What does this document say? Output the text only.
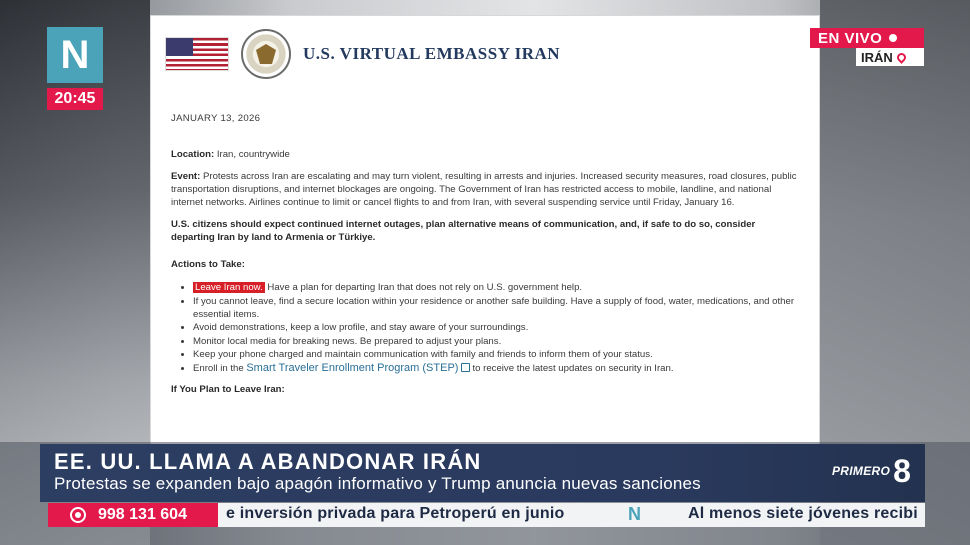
U.S. VIRTUAL EMBASSY IRAN
JANUARY 13, 2026
Location: Iran, countrywide
Event: Protests across Iran are escalating and may turn violent, resulting in arrests and injuries. Increased security measures, road closures, public transportation disruptions, and internet blockages are ongoing. The Government of Iran has restricted access to mobile, landline, and national internet networks. Airlines continue to limit or cancel flights to and from Iran, with several suspending service until Friday, January 16.
U.S. citizens should expect continued internet outages, plan alternative means of communication, and, if safe to do so, consider departing Iran by land to Armenia or Türkiye.
Actions to Take:
• Leave Iran now. Have a plan for departing Iran that does not rely on U.S. government help.
• If you cannot leave, find a secure location within your residence or another safe building. Have a supply of food, water, medications, and other essential items.
• Avoid demonstrations, keep a low profile, and stay aware of your surroundings.
• Monitor local media for breaking news. Be prepared to adjust your plans.
• Keep your phone charged and maintain communication with family and friends to inform them of your status.
• Enroll in the Smart Traveler Enrollment Program (STEP) to receive the latest updates on security in Iran.
If You Plan to Leave Iran:
N
20:45
EN VIVO
IRÁN
EE. UU. LLAMA A ABANDONAR IRÁN
Protestas se expanden bajo apagón informativo y Trump anuncia nuevas sanciones
PRIMERO 8
998 131 604 e inversión privada para Petroperú en junio	N	Al menos siete jóvenes recibi
